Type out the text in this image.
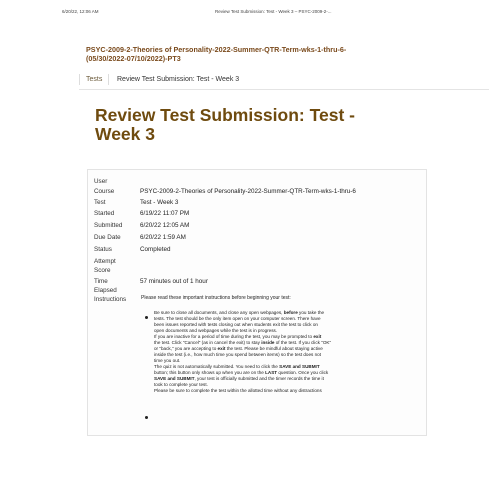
6/20/22, 12:06 AM	Review Test Submission: Test - Week 3 – PSYC-2009-2-...
PSYC-2009-2-Theories of Personality-2022-Summer-QTR-Term-wks-1-thru-6-(05/30/2022-07/10/2022)-PT3
Tests Review Test Submission: Test - Week 3
Review Test Submission: Test - Week 3
User
Course	PSYC-2009-2-Theories of Personality-2022-Summer-QTR-Term-wks-1-thru-6
Test	Test - Week 3
Started	6/19/22 11:07 PM
Submitted	6/20/22 12:05 AM
Due Date	6/20/22 1:59 AM
Status	Completed
Attempt
Score
Time	57 minutes out of 1 hour
Elapsed
Instructions	Please read these important instructions before beginning your test:
Be sure to close all documents, and close any open webpages, before you take the
tests. The test should be the only item open on your computer screen. There have
been issues reported with tests closing out when students exit the test to click on
open documents and webpages while the test is in progress.
If you are inactive for a period of time during the test, you may be prompted to exit
the test. Click "Cancel" (as in cancel the exit) to stay inside of the test. If you click "OK"
or "back," you are accepting to exit the test. Please be mindful about staying active
inside the test (i.e., how much time you spend between items) so the test does not
time you out.
The quiz is not automatically submitted. You need to click the SAVE and SUBMIT
button; this button only shows up when you are on the LAST question. Once you click
SAVE and SUBMIT, your test is officially submitted and the timer records the time it
took to complete your test.
Please be sure to complete the test within the allotted time without any distractions
